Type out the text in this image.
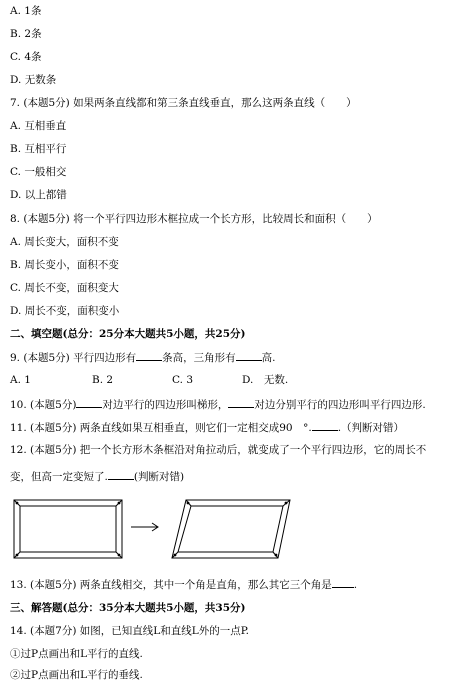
A. 1条
B. 2条
C. 4条
D. 无数条
7. (本题5分) 如果两条直线都和第三条直线垂直，那么这两条直线（　　）
A. 互相垂直
B. 互相平行
C. 一般相交
D. 以上都错
8. (本题5分) 将一个平行四边形木框拉成一个长方形，比较周长和面积（　　）
A. 周长变大，面积不变
B. 周长变小，面积不变
C. 周长不变，面积变大
D. 周长不变，面积变小
二、填空题(总分：25分本大题共5小题，共25分)
9. (本题5分) 平行四边形有 条高，三角形有 高.
A. 1	B. 2	C. 3	D.　无数.
10. (本题5分) 对边平行的四边形叫梯形， 对边分别平行的四边形叫平行四边形.
11. (本题5分) 两条直线如果互相垂直，则它们一定相交成90　°. .（判断对错）
12. (本题5分) 把一个长方形木条框沿对角拉动后，就变成了一个平行四边形，它的周长不
变，但高一定变短了. (判断对错)
13. (本题5分) 两条直线相交，其中一个角是直角，那么其它三个角是 .
三、解答题(总分：35分本大题共5小题，共35分)
14. (本题7分) 如图，已知直线L和直线L外的一点P.
①过P点画出和L平行的直线.
②过P点画出和L平行的垂线.
